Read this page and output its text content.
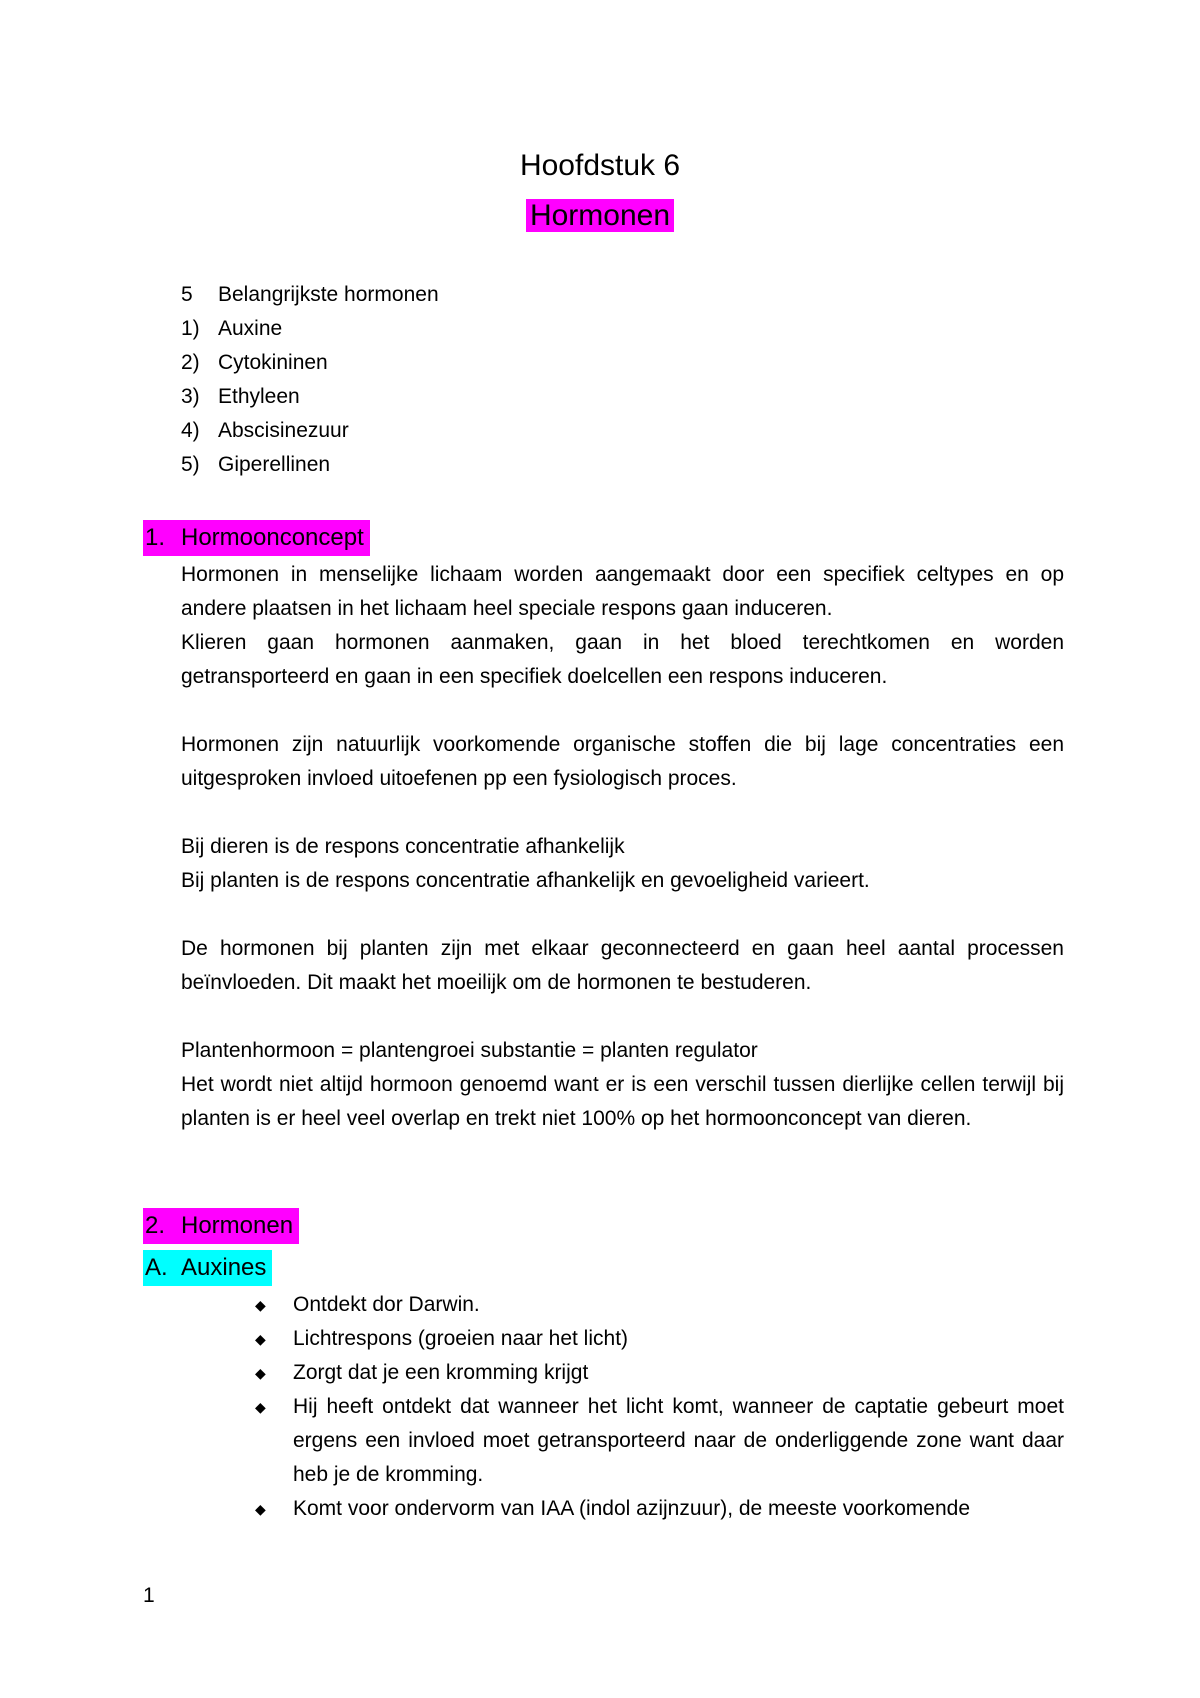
Hoofdstuk 6
Hormonen
5	Belangrijkste hormonen
1) Auxine
2) Cytokininen
3) Ethyleen
4) Abscisinezuur
5) Giperellinen
1. Hormoonconcept

Hormonen in menselijke lichaam worden aangemaakt door een specifiek celtypes en op andere plaatsen in het lichaam heel speciale respons gaan induceren.

Klieren gaan hormonen aanmaken, gaan in het bloed terechtkomen en worden getransporteerd en gaan in een specifiek doelcellen een respons induceren.

Hormonen zijn natuurlijk voorkomende organische stoffen die bij lage concentraties een uitgesproken invloed uitoefenen pp een fysiologisch proces.

Bij dieren is de respons concentratie afhankelijk

Bij planten is de respons concentratie afhankelijk en gevoeligheid varieert.

De hormonen bij planten zijn met elkaar geconnecteerd en gaan heel aantal processen beïnvloeden. Dit maakt het moeilijk om de hormonen te bestuderen.

Plantenhormoon = plantengroei substantie = planten regulator

Het wordt niet altijd hormoon genoemd want er is een verschil tussen dierlijke cellen terwijl bij planten is er heel veel overlap en trekt niet 100% op het hormoonconcept van dieren.

2. Hormonen
A. Auxines
◆	Ontdekt dor Darwin.
◆	Lichtrespons (groeien naar het licht)
◆	Zorgt dat je een kromming krijgt
◆	Hij heeft ontdekt dat wanneer het licht komt, wanneer de captatie gebeurt moet ergens een invloed moet getransporteerd naar de onderliggende zone want daar heb je de kromming.
◆	Komt voor ondervorm van IAA (indol azijnzuur), de meeste voorkomende
1
